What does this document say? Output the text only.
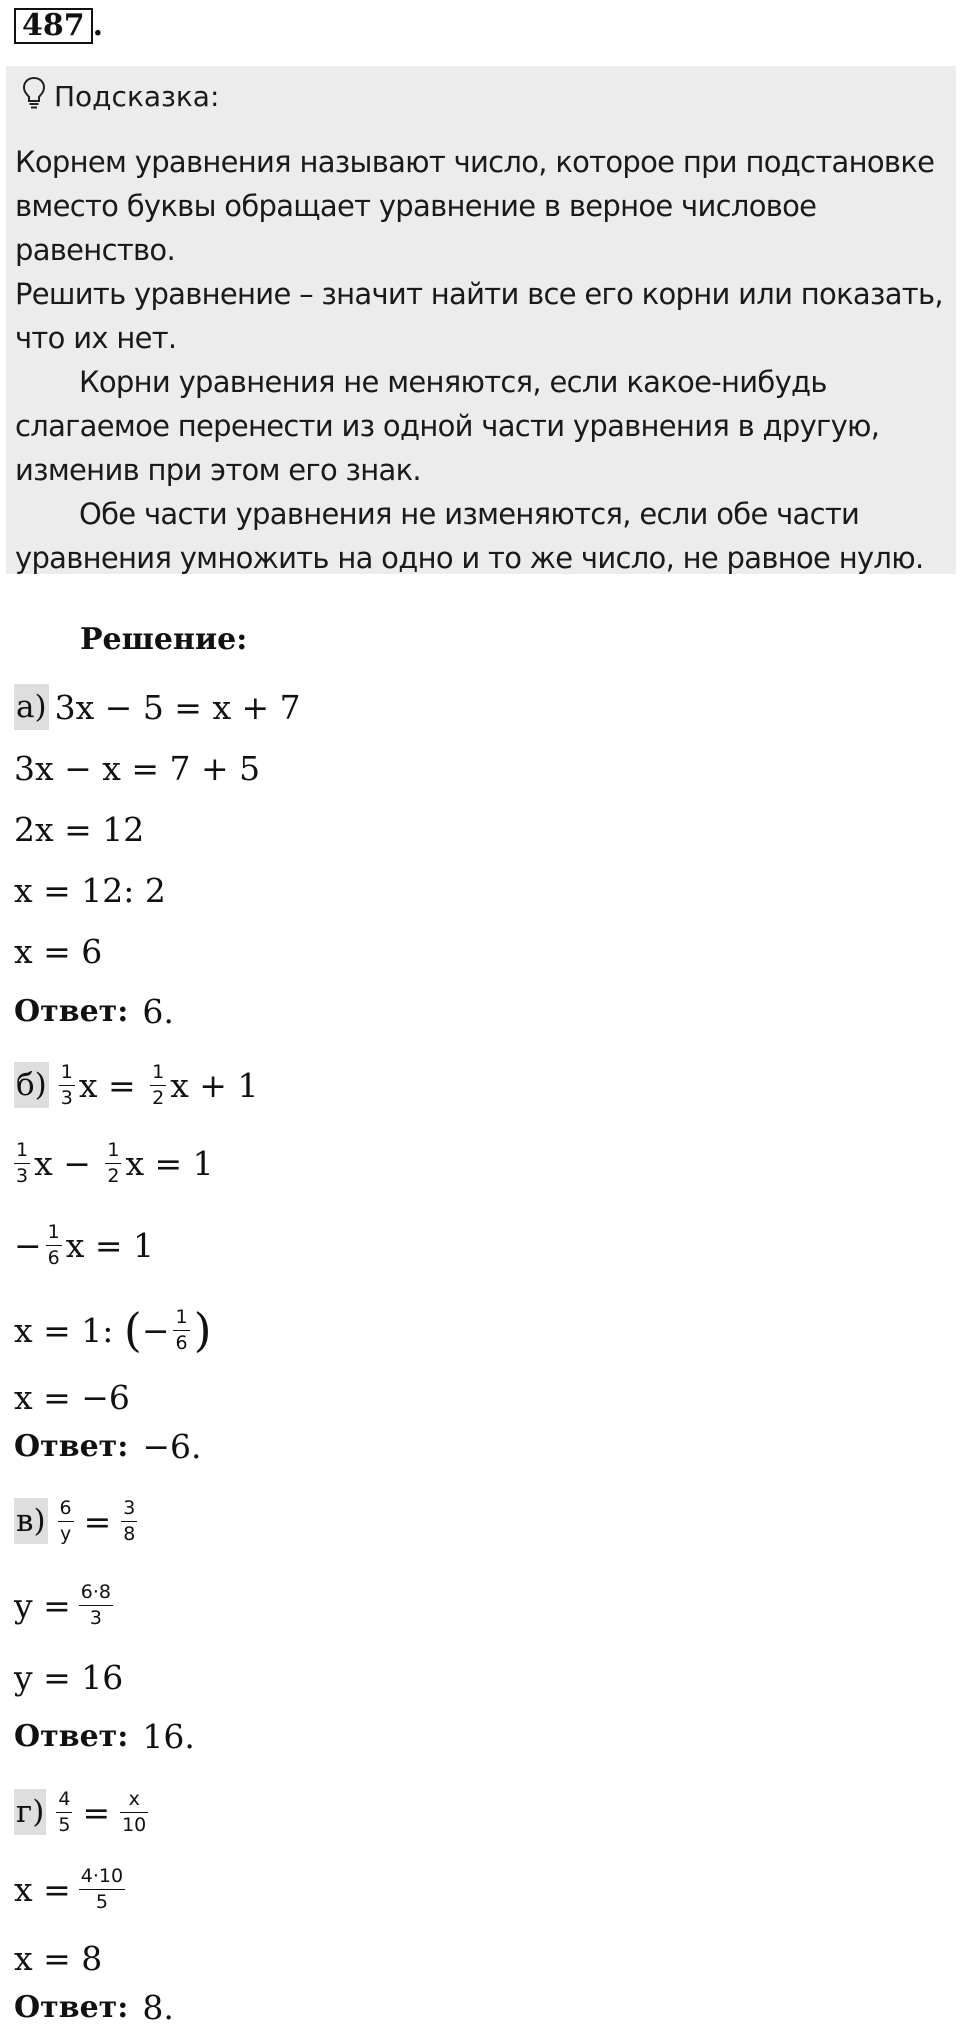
487 .
Подсказка:

Корнем уравнения называют число, которое при подстановке вместо буквы обращает уравнение в верное числовое равенство.

Решить уравнение – значит найти все его корни или показать, что их нет.

Корни уравнения не меняются, если какое-нибудь слагаемое перенести из одной части уравнения в другую, изменив при этом его знак.

Обе части уравнения не изменяются, если обе части уравнения умножить на одно и то же число, не равное нулю.

Решение:
а) 3x − 5 = x + 7
3x − x = 7 + 5
2x = 12
x = 12: 2
x = 6
Ответ: 6.
$б) \frac{1}{3}$ $x = \frac{1}{2}$ x + 1
$\frac{1}{3}$ $x - \frac{1}{2}$ x = 1
− $\frac{1}{6}$ x = 1
x = 1: ( − $\frac{1}{6}$ )
x = −6
Ответ: −6.
$в) \frac{6}{y} = \frac{3}{8}$
$y = \frac{6\cdot 8}{3}$
y = 16
Ответ: 16.
$г) \frac{4}{5} = \frac{x}{10}$
$x = \frac{4\cdot 10}{5}$
x = 8
Ответ: 8.
